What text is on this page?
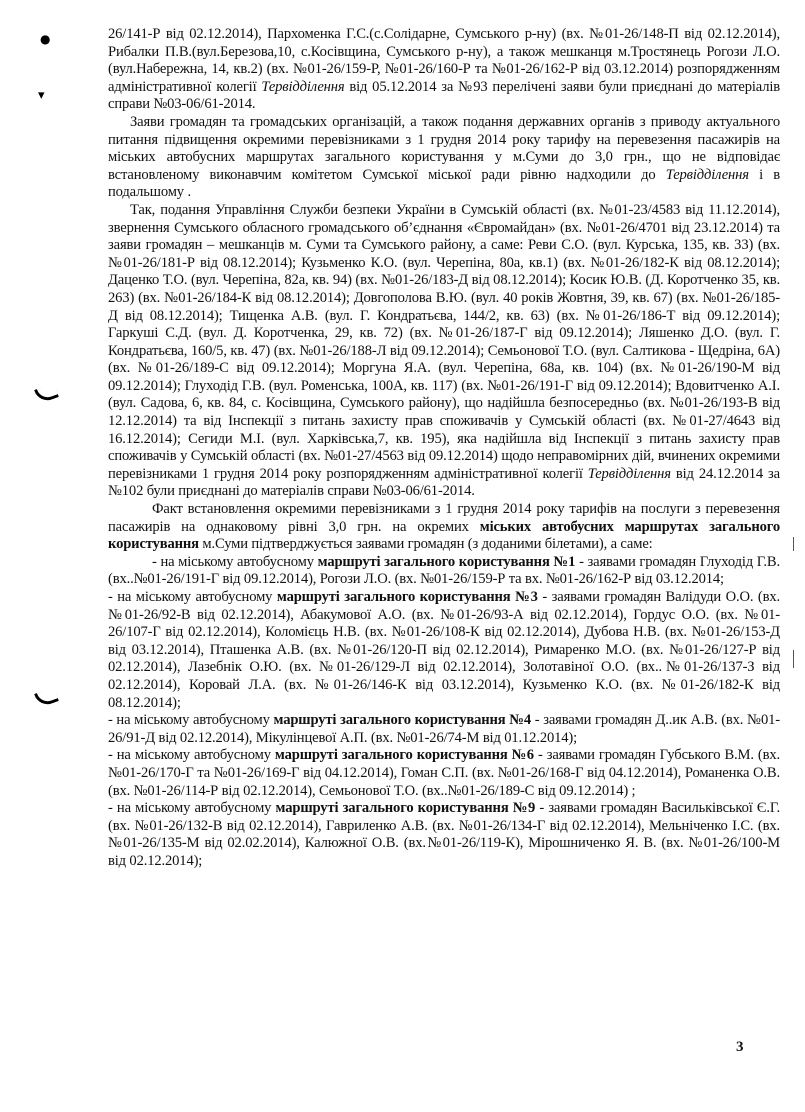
26/141-Р від 02.12.2014), Пархоменка Г.С.(с.Солідарне, Сумського р-ну) (вх. №01-26/148-П від 02.12.2014), Рибалки П.В.(вул.Березова,10, с.Косівщина, Сумського р-ну), а також мешканця м.Тростянець Рогози Л.О.(вул.Набережна, 14, кв.2) (вх. №01-26/159-Р, №01-26/160-Р та №01-26/162-Р від 03.12.2014) розпорядженням адміністративної колегії Тервідділення від 05.12.2014 за №93 перелічені заяви були приєднані до матеріалів справи №03-06/61-2014.

Заяви громадян та громадських організацій, а також подання державних органів з приводу актуального питання підвищення окремими перевізниками з 1 грудня 2014 року тарифу на перевезення пасажирів на міських автобусних маршрутах загального користування у м.Суми до 3,0 грн., що не відповідає встановленому виконавчим комітетом Сумської міської ради рівню надходили до Тервідділення і в подальшому .

Так, подання Управління Служби безпеки України в Сумській області (вх. №01-23/4583 від 11.12.2014), звернення Сумського обласного громадського об’єднання «Євромайдан» (вх. №01-26/4701 від 23.12.2014) та заяви громадян – мешканців м. Суми та Сумського району, а саме: Реви С.О. (вул. Курська, 135, кв. 33) (вх. №01-26/181-Р від 08.12.2014); Кузьменко К.О. (вул. Черепіна, 80а, кв.1) (вх. №01-26/182-К від 08.12.2014); Даценко Т.О. (вул. Черепіна, 82а, кв. 94) (вх. №01-26/183-Д від 08.12.2014); Косик Ю.В. (Д. Коротченко 35, кв. 263) (вх. №01-26/184-К від 08.12.2014); Довгополова В.Ю. (вул. 40 років Жовтня, 39, кв. 67) (вх. №01-26/185-Д від 08.12.2014); Тищенка А.В. (вул. Г. Кондратьєва, 144/2, кв. 63) (вх. №01-26/186-Т від 09.12.2014); Гаркуші С.Д. (вул. Д. Коротченка, 29, кв. 72) (вх. №01-26/187-Г від 09.12.2014); Ляшенко Д.О. (вул. Г. Кондратьєва, 160/5, кв. 47) (вх. №01-26/188-Л від 09.12.2014); Семьонової Т.О. (вул. Салтикова - Щедріна, 6А) (вх. №01-26/189-С від 09.12.2014); Моргуна Я.А. (вул. Черепіна, 68а, кв. 104) (вх. №01-26/190-М від 09.12.2014); Глуходід Г.В. (вул. Роменська, 100А, кв. 117) (вх. №01-26/191-Г від 09.12.2014); Вдовитченко А.І. (вул. Садова, 6, кв. 84, с. Косівщина, Сумського району), що надійшла безпосередньо (вх. №01-26/193-В від 12.12.2014) та від Інспекції з питань захисту прав споживачів у Сумській області (вх. №01-27/4643 від 16.12.2014); Сегиди М.І. (вул. Харківська,7, кв. 195), яка надійшла від Інспекції з питань захисту прав споживачів у Сумській області (вх. №01-27/4563 від 09.12.2014) щодо неправомірних дій, вчинених окремими перевізниками 1 грудня 2014 року розпорядженням адміністративної колегії Тервідділення від 24.12.2014 за №102 були приєднані до матеріалів справи №03-06/61-2014.

Факт встановлення окремими перевізниками з 1 грудня 2014 року тарифів на послуги з перевезення пасажирів на однаковому рівні 3,0 грн. на окремих міських автобусних маршрутах загального користування м.Суми підтверджується заявами громадян (з доданими білетами), а саме:

- на міському автобусному маршруті загального користування №1 - заявами громадян Глуходід Г.В. (вх..№01-26/191-Г від 09.12.2014), Рогози Л.О. (вх. №01-26/159-Р та вх. №01-26/162-Р від 03.12.2014;

- на міському автобусному маршруті загального користування №3 - заявами громадян Валідуди О.О. (вх. №01-26/92-В від 02.12.2014), Абакумової А.О. (вх. №01-26/93-А від 02.12.2014), Гордус О.О. (вх. №01-26/107-Г від 02.12.2014), Коломієць Н.В. (вх. №01-26/108-К від 02.12.2014), Дубова Н.В. (вх. №01-26/153-Д від 03.12.2014), Пташенка А.В. (вх. №01-26/120-П від 02.12.2014), Римаренко М.О. (вх. №01-26/127-Р від 02.12.2014), Лазебнік О.Ю. (вх. №01-26/129-Л від 02.12.2014), Золотавіної О.О. (вх..№01-26/137-З від 02.12.2014), Коровай Л.А. (вх. №01-26/146-К від 03.12.2014), Кузьменко К.О. (вх. №01-26/182-К від 08.12.2014);

- на міському автобусному маршруті загального користування №4 - заявами громадян Д..ик А.В. (вх. №01-26/91-Д від 02.12.2014), Мікулінцевої А.П. (вх. №01-26/74-М від 01.12.2014);

- на міському автобусному маршруті загального користування №6 - заявами громадян Губського В.М. (вх. №01-26/170-Г та №01-26/169-Г від 04.12.2014), Гоман С.П. (вх. №01-26/168-Г від 04.12.2014), Романенка О.В. (вх. №01-26/114-Р від 02.12.2014), Семьонової Т.О. (вх..№01-26/189-С від 09.12.2014) ;

- на міському автобусному маршруті загального користування №9 - заявами громадян Васильківської Є.Г. (вх. №01-26/132-В від 02.12.2014), Гавриленко А.В. (вх. №01-26/134-Г від 02.12.2014), Мельніченко І.С. (вх. №01-26/135-М від 02.02.2014), Калюжної О.В. (вх.№01-26/119-К), Мірошниченко Я. В. (вх. №01-26/100-М від 02.12.2014);

●
▾
3
